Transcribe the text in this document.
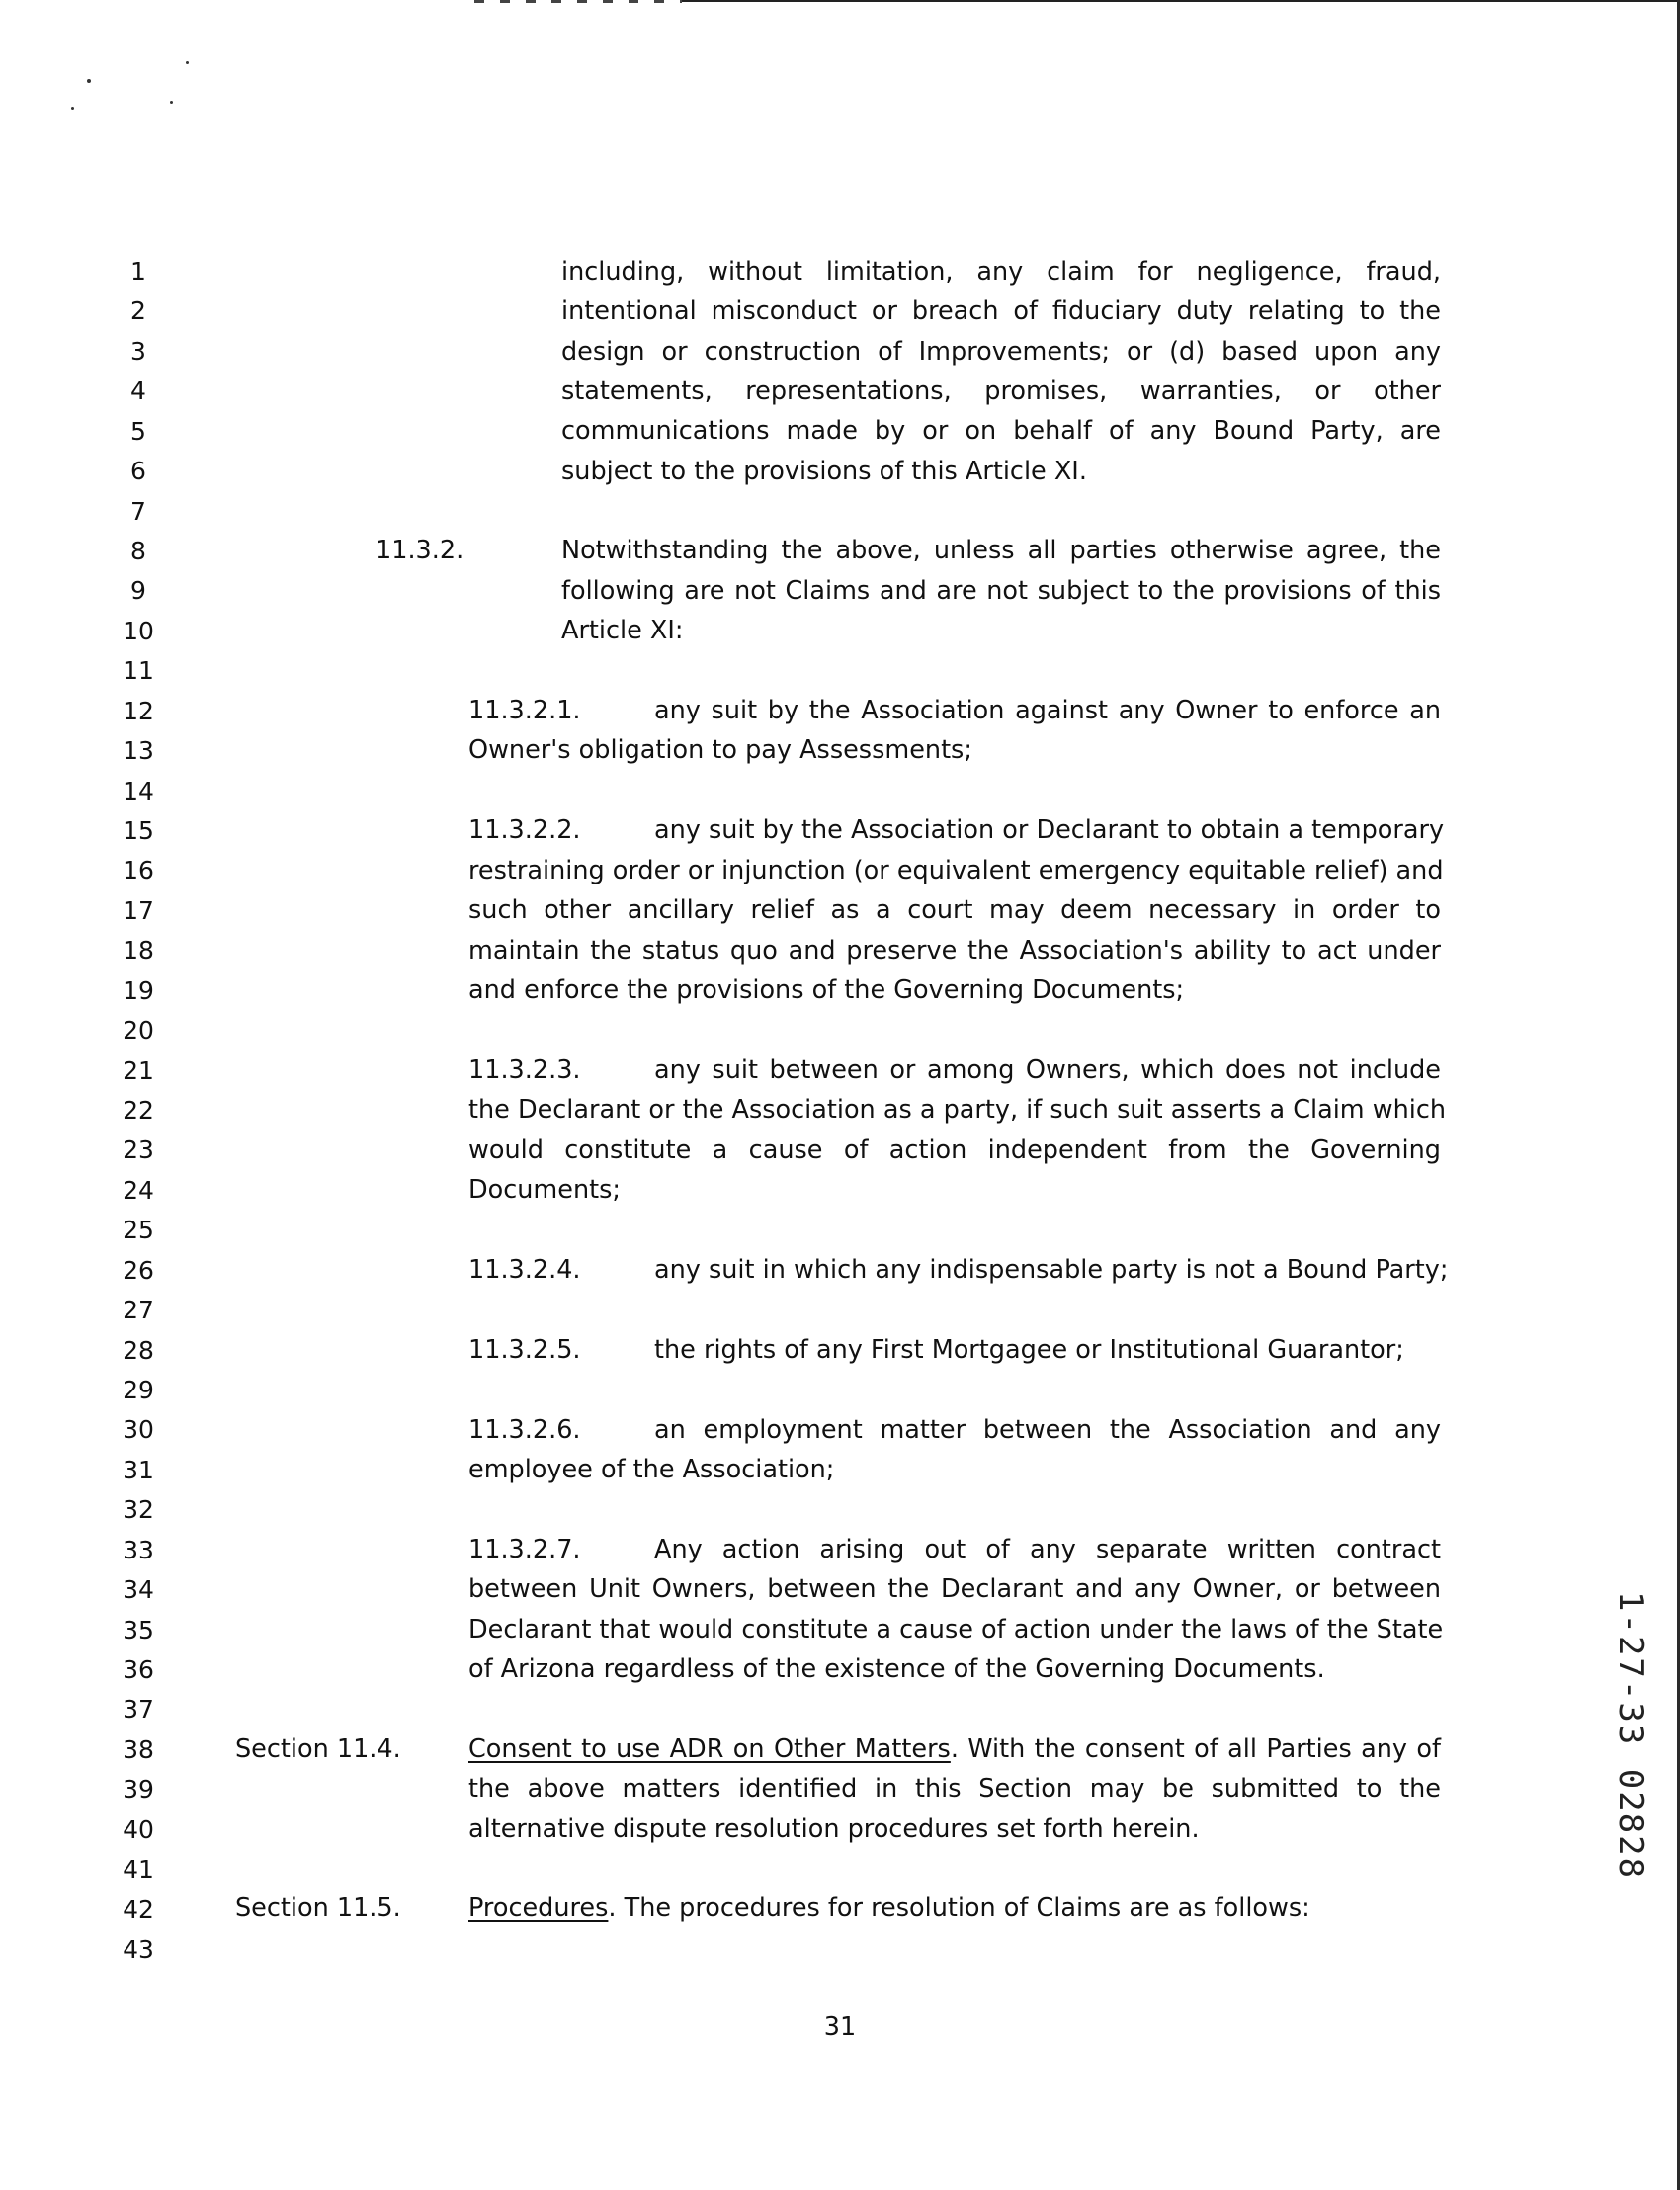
1
2
3
4
5
6
7
8
9
10
11
12
13
14
15
16
17
18
19
20
21
22
23
24
25
26
27
28
29
30
31
32
33
34
35
36
37
38
39
40
41
42
43
including, without limitation, any claim for negligence, fraud,
intentional misconduct or breach of fiduciary duty relating to the
design or construction of Improvements; or (d) based upon any
statements, representations, promises, warranties, or other
communications made by or on behalf of any Bound Party, are
subject to the provisions of this Article XI.
11.3.2.	Notwithstanding the above, unless all parties otherwise agree, the
following are not Claims and are not subject to the provisions of this
Article XI:
11.3.2.1.	any suit by the Association against any Owner to enforce an
Owner's obligation to pay Assessments;
11.3.2.2.	any suit by the Association or Declarant to obtain a temporary
restraining order or injunction (or equivalent emergency equitable relief) and
such other ancillary relief as a court may deem necessary in order to
maintain the status quo and preserve the Association's ability to act under
and enforce the provisions of the Governing Documents;
11.3.2.3.	any suit between or among Owners, which does not include
the Declarant or the Association as a party, if such suit asserts a Claim which
would constitute a cause of action independent from the Governing
Documents;
11.3.2.4.	any suit in which any indispensable party is not a Bound Party;
11.3.2.5.	the rights of any First Mortgagee or Institutional Guarantor;
11.3.2.6.	an employment matter between the Association and any
employee of the Association;
11.3.2.7.	Any action arising out of any separate written contract
between Unit Owners, between the Declarant and any Owner, or between
Declarant that would constitute a cause of action under the laws of the State
of Arizona regardless of the existence of the Governing Documents.
Section 11.4.	Consent to use ADR on Other Matters. With the consent of all Parties any of
the above matters identified in this Section may be submitted to the
alternative dispute resolution procedures set forth herein.
Section 11.5.	Procedures. The procedures for resolution of Claims are as follows:
31
1-27-33 02828
